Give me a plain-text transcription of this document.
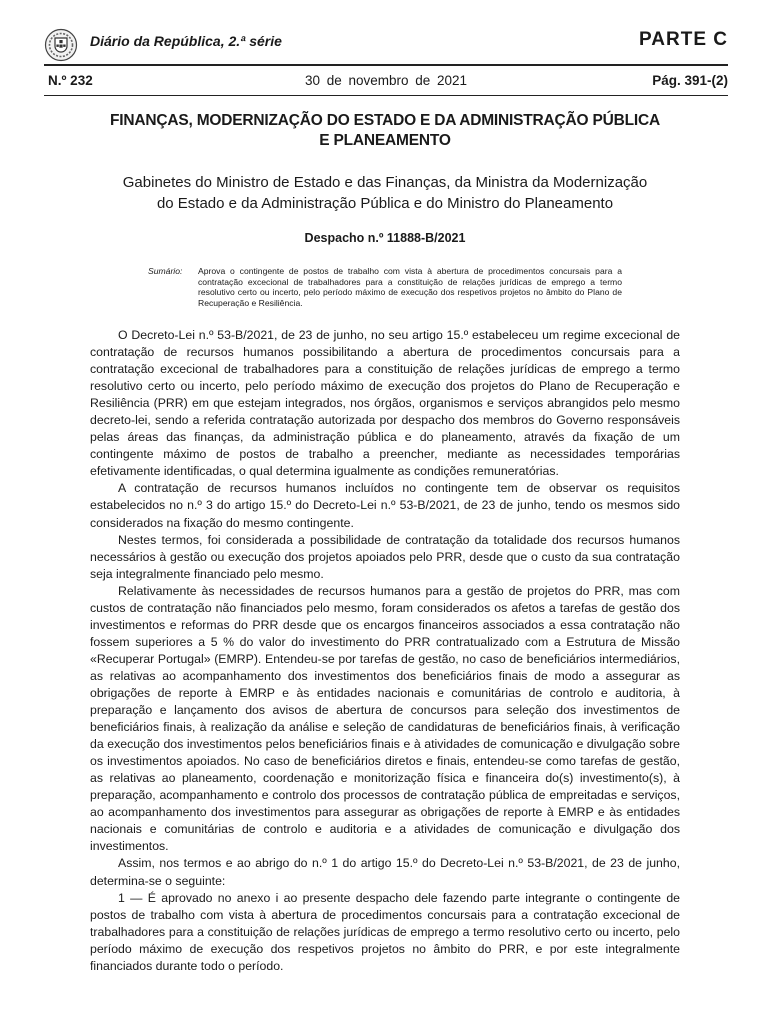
Diário da República, 2.ª série	PARTE C
30 de novembro de 2021
N.º 232	Pág. 391-(2)
FINANÇAS, MODERNIZAÇÃO DO ESTADO E DA ADMINISTRAÇÃO PÚBLICA
E PLANEAMENTO
Gabinetes do Ministro de Estado e das Finanças, da Ministra da Modernização
do Estado e da Administração Pública e do Ministro do Planeamento
Despacho n.º 11888-B/2021
Sumário: Aprova o contingente de postos de trabalho com vista à abertura de procedimentos concursais para a contratação excecional de trabalhadores para a constituição de relações jurídicas de emprego a termo resolutivo certo ou incerto, pelo período máximo de execução dos respetivos projetos no âmbito do Plano de Recuperação e Resiliência.

O Decreto-Lei n.º 53-B/2021, de 23 de junho, no seu artigo 15.º estabeleceu um regime excecional de contratação de recursos humanos possibilitando a abertura de procedimentos concursais para a contratação excecional de trabalhadores para a constituição de relações jurídicas de emprego a termo resolutivo certo ou incerto, pelo período máximo de execução dos projetos do Plano de Recuperação e Resiliência (PRR) em que estejam integrados, nos órgãos, organismos e serviços abrangidos pelo mesmo decreto-lei, sendo a referida contratação autorizada por despacho dos membros do Governo responsáveis pelas áreas das finanças, da administração pública e do planeamento, através da fixação de um contingente máximo de postos de trabalho a preencher, mediante as necessidades temporárias efetivamente identificadas, o qual determina igualmente as condições remuneratórias.

A contratação de recursos humanos incluídos no contingente tem de observar os requisitos estabelecidos no n.º 3 do artigo 15.º do Decreto-Lei n.º 53-B/2021, de 23 de junho, tendo os mesmos sido considerados na fixação do mesmo contingente.

Nestes termos, foi considerada a possibilidade de contratação da totalidade dos recursos humanos necessários à gestão ou execução dos projetos apoiados pelo PRR, desde que o custo da sua contratação seja integralmente financiado pelo mesmo.

Relativamente às necessidades de recursos humanos para a gestão de projetos do PRR, mas com custos de contratação não financiados pelo mesmo, foram considerados os afetos a tarefas de gestão dos investimentos e reformas do PRR desde que os encargos financeiros associados a essa contratação não fossem superiores a 5 % do valor do investimento do PRR contratualizado com a Estrutura de Missão «Recuperar Portugal» (EMRP). Entendeu-se por tarefas de gestão, no caso de beneficiários intermediários, as relativas ao acompanhamento dos investimentos dos beneficiários finais de modo a assegurar as obrigações de reporte à EMRP e às entidades nacionais e comunitárias de controlo e auditoria, à preparação e lançamento dos avisos de abertura de concursos para seleção dos investimentos de beneficiários finais, à realização da análise e seleção de candidaturas de beneficiários finais, à verificação da execução dos investimentos pelos beneficiários finais e à atividades de comunicação e divulgação sobre os investimentos apoiados. No caso de beneficiários diretos e finais, entendeu-se como tarefas de gestão, as relativas ao planeamento, coordenação e monitorização física e financeira do(s) investimento(s), à preparação, acompanhamento e controlo dos processos de contratação pública de empreitadas e serviços, ao acompanhamento dos investimentos para assegurar as obrigações de reporte à EMRP e às entidades nacionais e comunitárias de controlo e auditoria e a atividades de comunicação e divulgação dos investimentos.

Assim, nos termos e ao abrigo do n.º 1 do artigo 15.º do Decreto-Lei n.º 53-B/2021, de 23 de junho, determina-se o seguinte:

1 — É aprovado no anexo i ao presente despacho dele fazendo parte integrante o contingente de postos de trabalho com vista à abertura de procedimentos concursais para a contratação excecional de trabalhadores para a constituição de relações jurídicas de emprego a termo resolutivo certo ou incerto, pelo período máximo de execução dos respetivos projetos no âmbito do PRR, e por este integralmente financiados durante todo o período.
